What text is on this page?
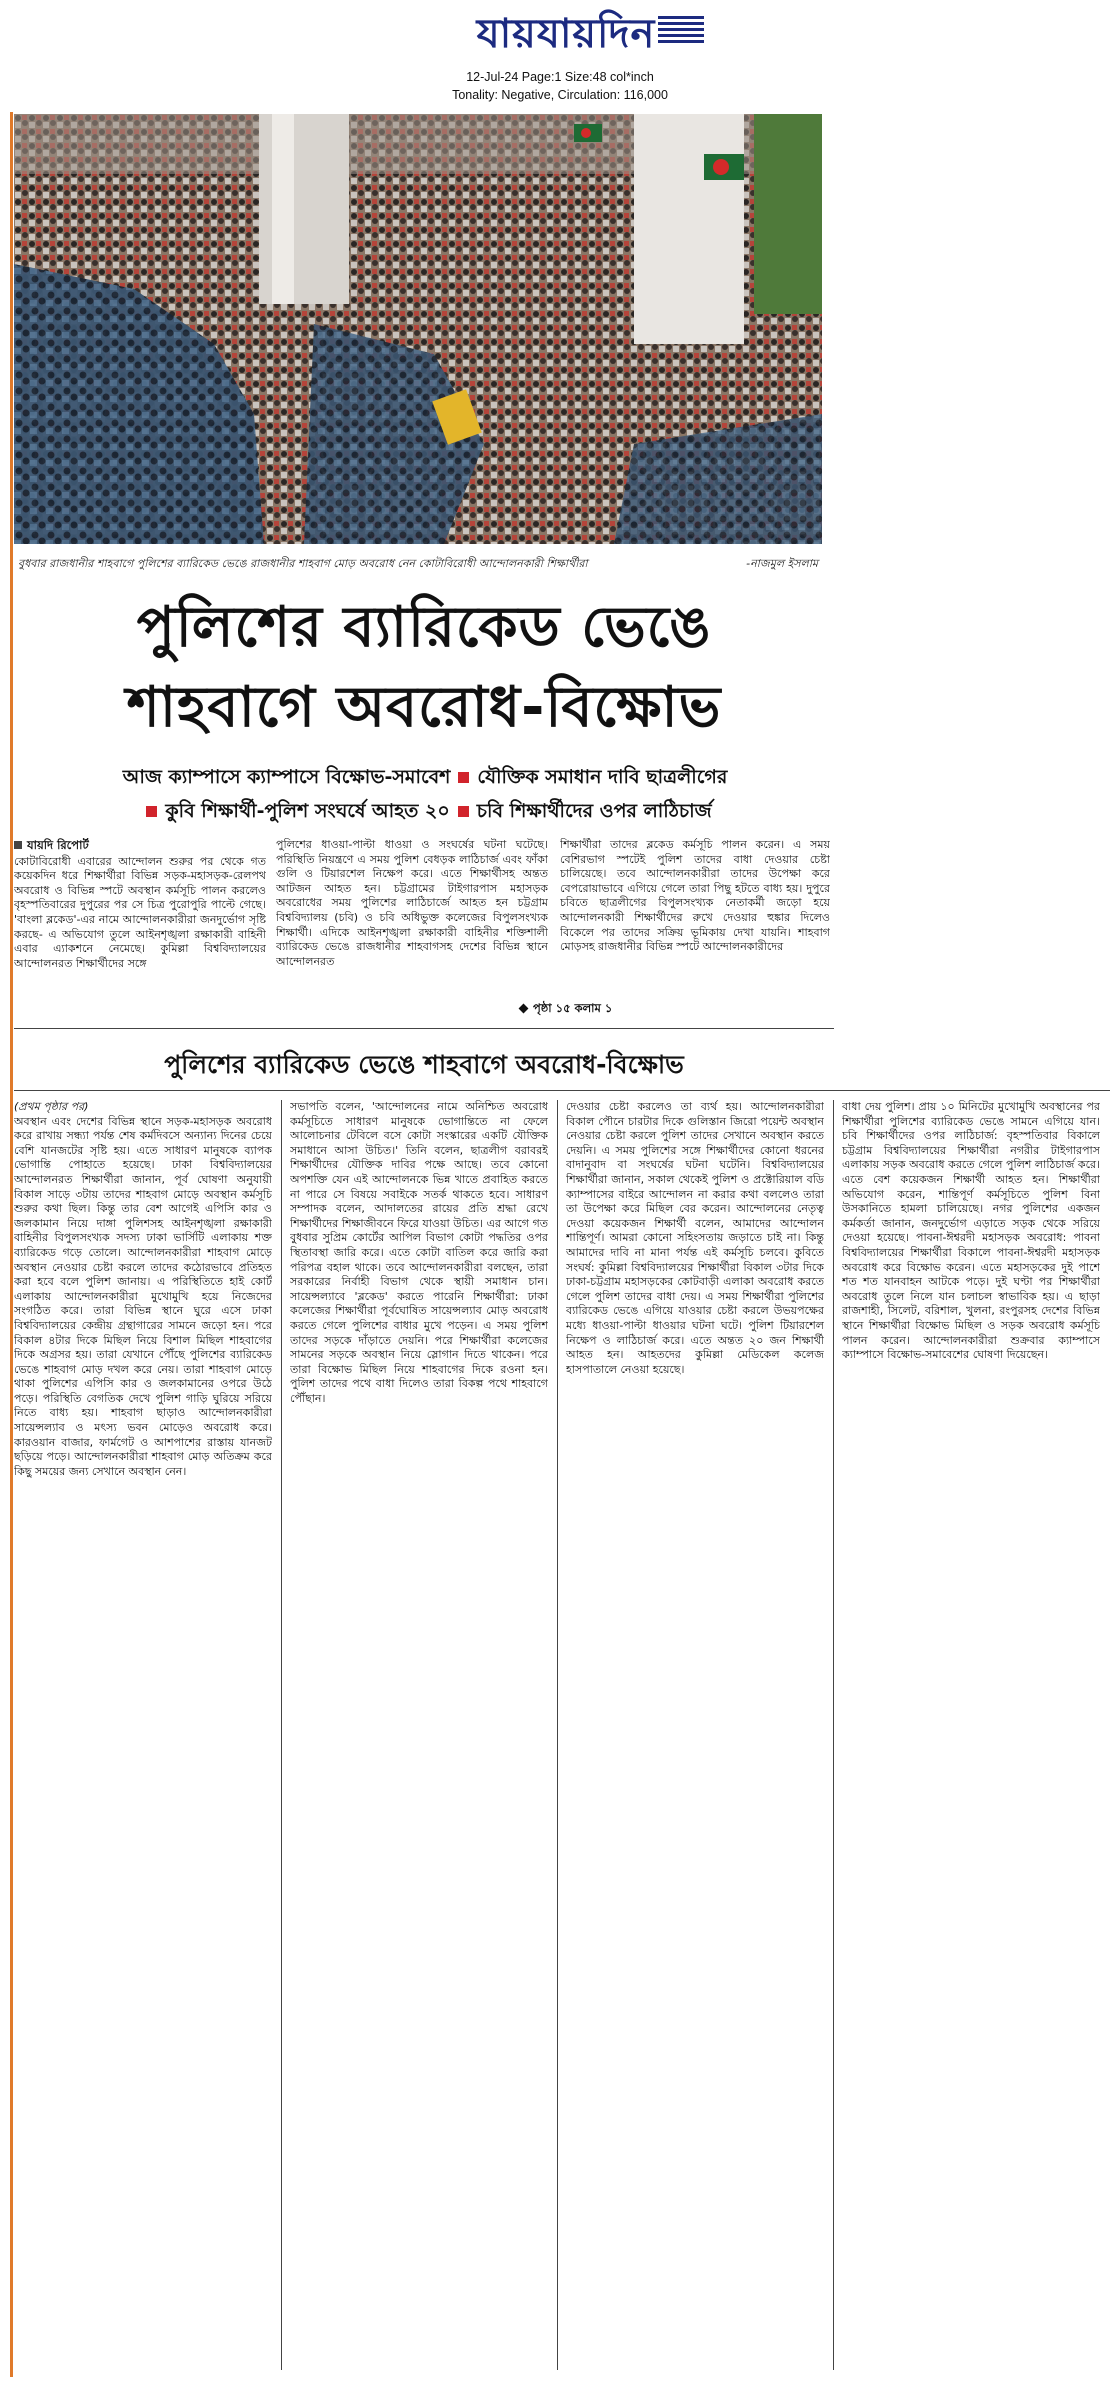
যায়যায়দিন
12-Jul-24 Page:1 Size:48 col*inch
Tonality: Negative, Circulation: 116,000
বুধবার রাজধানীর শাহবাগে পুলিশের ব্যারিকেড ভেঙে রাজধানীর শাহবাগ মোড় অবরোধ নেন কোটাবিরোধী আন্দোলনকারী শিক্ষার্থীরা	-নাজমুল ইসলাম
পুলিশের ব্যারিকেড ভেঙে
শাহবাগে অবরোধ-বিক্ষোভ
আজ ক্যাম্পাসে ক্যাম্পাসে বিক্ষোভ-সমাবেশ যৌক্তিক সমাধান দাবি ছাত্রলীগের
কুবি শিক্ষার্থী-পুলিশ সংঘর্ষে আহত ২০ চবি শিক্ষার্থীদের ওপর লাঠিচার্জ
যায়দি রিপোর্ট

কোটাবিরোধী এবারের আন্দোলন শুরুর পর থেকে গত কয়েকদিন ধরে শিক্ষার্থীরা বিভিন্ন সড়ক-মহাসড়ক-রেলপথ অবরোধ ও বিভিন্ন স্পটে অবস্থান কর্মসূচি পালন করলেও বৃহস্পতিবারের দুপুরের পর সে চিত্র পুরোপুরি পাল্টে গেছে। 'বাংলা ব্লকেড'-এর নামে আন্দোলনকারীরা জনদুর্ভোগ সৃষ্টি করছে- এ অভিযোগ তুলে আইনশৃঙ্খলা রক্ষাকারী বাহিনী এবার এ্যাকশনে নেমেছে। কুমিল্লা বিশ্ববিদ্যালয়ের আন্দোলনরত শিক্ষার্থীদের সঙ্গে

পুলিশের ধাওয়া-পাল্টা ধাওয়া ও সংঘর্ষের ঘটনা ঘটেছে। পরিস্থিতি নিয়ন্ত্রণে এ সময় পুলিশ বেধড়ক লাঠিচার্জ এবং ফাঁকা গুলি ও টিয়ারশেল নিক্ষেপ করে। এতে শিক্ষার্থীসহ অন্তত আটজন আহত হন। চট্টগ্রামের টাইগারপাস মহাসড়ক অবরোধের সময় পুলিশের লাঠিচার্জে আহত হন চট্টগ্রাম বিশ্ববিদ্যালয় (চবি) ও চবি অধিভুক্ত কলেজের বিপুলসংখ্যক শিক্ষার্থী। এদিকে আইনশৃঙ্খলা রক্ষাকারী বাহিনীর শক্তিশালী ব্যারিকেড ভেঙে রাজধানীর শাহবাগসহ দেশের বিভিন্ন স্থানে আন্দোলনরত

শিক্ষার্থীরা তাদের ব্লকেড কর্মসূচি পালন করেন। এ সময় বেশিরভাগ স্পটেই পুলিশ তাদের বাধা দেওয়ার চেষ্টা চালিয়েছে। তবে আন্দোলনকারীরা তাদের উপেক্ষা করে বেপরোয়াভাবে এগিয়ে গেলে তারা পিছু হটতে বাধ্য হয়। দুপুরে চবিতে ছাত্রলীগের বিপুলসংখ্যক নেতাকর্মী জড়ো হয়ে আন্দোলনকারী শিক্ষার্থীদের রুখে দেওয়ার হুঙ্কার দিলেও বিকেলে পর তাদের সক্রিয় ভূমিকায় দেখা যায়নি। শাহবাগ মোড়সহ রাজধানীর বিভিন্ন স্পটে আন্দোলনকারীদের

পৃষ্ঠা ১৫ কলাম ১
পুলিশের ব্যারিকেড ভেঙে শাহবাগে অবরোধ-বিক্ষোভ

(প্রথম পৃষ্ঠার পর)

অবস্থান এবং দেশের বিভিন্ন স্থানে সড়ক-মহাসড়ক অবরোধ করে রাখায় সন্ধ্যা পর্যন্ত শেষ কর্মদিবসে অন্যান্য দিনের চেয়ে বেশি যানজটের সৃষ্টি হয়। এতে সাধারণ মানুষকে ব্যাপক ভোগান্তি পোহাতে হয়েছে। ঢাকা বিশ্ববিদ্যালয়ের আন্দোলনরত শিক্ষার্থীরা জানান, পূর্ব ঘোষণা অনুযায়ী বিকাল সাড়ে ৩টায় তাদের শাহবাগ মোড়ে অবস্থান কর্মসূচি শুরুর কথা ছিল। কিন্তু তার বেশ আগেই এপিসি কার ও জলকামান নিয়ে দাঙ্গা পুলিশসহ আইনশৃঙ্খলা রক্ষাকারী বাহিনীর বিপুলসংখ্যক সদস্য ঢাকা ভার্সিটি এলাকায় শক্ত ব্যারিকেড গড়ে তোলে। আন্দোলনকারীরা শাহবাগ মোড়ে অবস্থান নেওয়ার চেষ্টা করলে তাদের কঠোরভাবে প্রতিহত করা হবে বলে পুলিশ জানায়। এ পরিস্থিতিতে হাই কোর্ট এলাকায় আন্দোলনকারীরা মুখোমুখি হয়ে নিজেদের সংগঠিত করে। তারা বিভিন্ন স্থানে ঘুরে এসে ঢাকা বিশ্ববিদ্যালয়ের কেন্দ্রীয় গ্রন্থাগারের সামনে জড়ো হন। পরে বিকাল ৪টার দিকে মিছিল নিয়ে বিশাল মিছিল শাহবাগের দিকে অগ্রসর হয়। তারা যেখানে পৌঁছে পুলিশের ব্যারিকেড ভেঙে শাহবাগ মোড় দখল করে নেয়। তারা শাহবাগ মোড়ে থাকা পুলিশের এপিসি কার ও জলকামানের ওপরে উঠে পড়ে। পরিস্থিতি বেগতিক দেখে পুলিশ গাড়ি ঘুরিয়ে সরিয়ে নিতে বাধ্য হয়। শাহবাগ ছাড়াও আন্দোলনকারীরা সায়েন্সল্যাব ও মৎস্য ভবন মোড়েও অবরোধ করে। কারওয়ান বাজার, ফার্মগেট ও আশপাশের রাস্তায় যানজট ছড়িয়ে পড়ে। আন্দোলনকারীরা শাহবাগ মোড় অতিক্রম করে কিছু সময়ের জন্য সেখানে অবস্থান নেন।

সভাপতি বলেন, 'আন্দোলনের নামে অনিশ্চিত অবরোধ কর্মসূচিতে সাধারণ মানুষকে ভোগান্তিতে না ফেলে আলোচনার টেবিলে বসে কোটা সংস্কারের একটি যৌক্তিক সমাধানে আসা উচিত।' তিনি বলেন, ছাত্রলীগ বরাবরই শিক্ষার্থীদের যৌক্তিক দাবির পক্ষে আছে। তবে কোনো অপশক্তি যেন এই আন্দোলনকে ভিন্ন খাতে প্রবাহিত করতে না পারে সে বিষয়ে সবাইকে সতর্ক থাকতে হবে। সাধারণ সম্পাদক বলেন, আদালতের রায়ের প্রতি শ্রদ্ধা রেখে শিক্ষার্থীদের শিক্ষাজীবনে ফিরে যাওয়া উচিত। এর আগে গত বুধবার সুপ্রিম কোর্টের আপিল বিভাগ কোটা পদ্ধতির ওপর স্থিতাবস্থা জারি করে। এতে কোটা বাতিল করে জারি করা পরিপত্র বহাল থাকে। তবে আন্দোলনকারীরা বলছেন, তারা সরকারের নির্বাহী বিভাগ থেকে স্থায়ী সমাধান চান। সায়েন্সল্যাবে 'ব্লকেড' করতে পারেনি শিক্ষার্থীরা: ঢাকা কলেজের শিক্ষার্থীরা পূর্বঘোষিত সায়েন্সল্যাব মোড় অবরোধ করতে গেলে পুলিশের বাধার মুখে পড়েন। এ সময় পুলিশ তাদের সড়কে দাঁড়াতে দেয়নি। পরে শিক্ষার্থীরা কলেজের সামনের সড়কে অবস্থান নিয়ে স্লোগান দিতে থাকেন। পরে তারা বিক্ষোভ মিছিল নিয়ে শাহবাগের দিকে রওনা হন। পুলিশ তাদের পথে বাধা দিলেও তারা বিকল্প পথে শাহবাগে পৌঁছান।

দেওয়ার চেষ্টা করলেও তা ব্যর্থ হয়। আন্দোলনকারীরা বিকাল পৌনে চারটার দিকে গুলিস্তান জিরো পয়েন্ট অবস্থান নেওয়ার চেষ্টা করলে পুলিশ তাদের সেখানে অবস্থান করতে দেয়নি। এ সময় পুলিশের সঙ্গে শিক্ষার্থীদের কোনো ধরনের বাদানুবাদ বা সংঘর্ষের ঘটনা ঘটেনি। বিশ্ববিদ্যালয়ের শিক্ষার্থীরা জানান, সকাল থেকেই পুলিশ ও প্রক্টোরিয়াল বডি ক্যাম্পাসের বাইরে আন্দোলন না করার কথা বললেও তারা তা উপেক্ষা করে মিছিল বের করেন। আন্দোলনের নেতৃত্ব দেওয়া কয়েকজন শিক্ষার্থী বলেন, আমাদের আন্দোলন শান্তিপূর্ণ। আমরা কোনো সহিংসতায় জড়াতে চাই না। কিন্তু আমাদের দাবি না মানা পর্যন্ত এই কর্মসূচি চলবে। কুবিতে সংঘর্ষ: কুমিল্লা বিশ্ববিদ্যালয়ের শিক্ষার্থীরা বিকাল ৩টার দিকে ঢাকা-চট্টগ্রাম মহাসড়কের কোটবাড়ী এলাকা অবরোধ করতে গেলে পুলিশ তাদের বাধা দেয়। এ সময় শিক্ষার্থীরা পুলিশের ব্যারিকেড ভেঙে এগিয়ে যাওয়ার চেষ্টা করলে উভয়পক্ষের মধ্যে ধাওয়া-পাল্টা ধাওয়ার ঘটনা ঘটে। পুলিশ টিয়ারশেল নিক্ষেপ ও লাঠিচার্জ করে। এতে অন্তত ২০ জন শিক্ষার্থী আহত হন। আহতদের কুমিল্লা মেডিকেল কলেজ হাসপাতালে নেওয়া হয়েছে।

বাধা দেয় পুলিশ। প্রায় ১০ মিনিটের মুখোমুখি অবস্থানের পর শিক্ষার্থীরা পুলিশের ব্যারিকেড ভেঙে সামনে এগিয়ে যান। চবি শিক্ষার্থীদের ওপর লাঠিচার্জ: বৃহস্পতিবার বিকালে চট্টগ্রাম বিশ্ববিদ্যালয়ের শিক্ষার্থীরা নগরীর টাইগারপাস এলাকায় সড়ক অবরোধ করতে গেলে পুলিশ লাঠিচার্জ করে। এতে বেশ কয়েকজন শিক্ষার্থী আহত হন। শিক্ষার্থীরা অভিযোগ করেন, শান্তিপূর্ণ কর্মসূচিতে পুলিশ বিনা উসকানিতে হামলা চালিয়েছে। নগর পুলিশের একজন কর্মকর্তা জানান, জনদুর্ভোগ এড়াতে সড়ক থেকে সরিয়ে দেওয়া হয়েছে। পাবনা-ঈশ্বরদী মহাসড়ক অবরোধ: পাবনা বিশ্ববিদ্যালয়ের শিক্ষার্থীরা বিকালে পাবনা-ঈশ্বরদী মহাসড়ক অবরোধ করে বিক্ষোভ করেন। এতে মহাসড়কের দুই পাশে শত শত যানবাহন আটকে পড়ে। দুই ঘণ্টা পর শিক্ষার্থীরা অবরোধ তুলে নিলে যান চলাচল স্বাভাবিক হয়। এ ছাড়া রাজশাহী, সিলেট, বরিশাল, খুলনা, রংপুরসহ দেশের বিভিন্ন স্থানে শিক্ষার্থীরা বিক্ষোভ মিছিল ও সড়ক অবরোধ কর্মসূচি পালন করেন। আন্দোলনকারীরা শুক্রবার ক্যাম্পাসে ক্যাম্পাসে বিক্ষোভ-সমাবেশের ঘোষণা দিয়েছেন।
